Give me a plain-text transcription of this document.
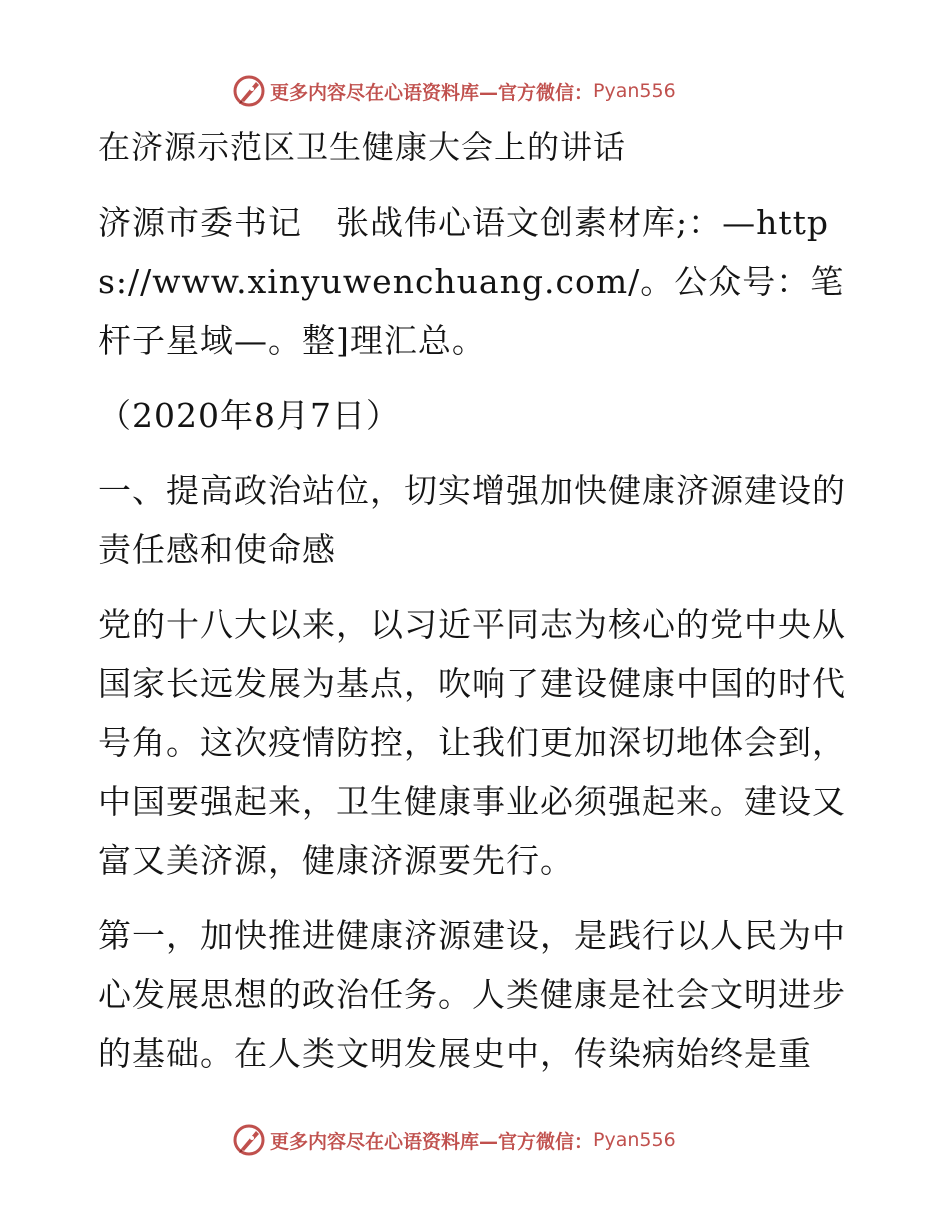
更多内容尽在心语资料库—官方微信： Pyan556

在济源示范区卫生健康大会上的讲话

济源市委书记　张战伟心语文创素材库;：—https://www.xinyuwenchuang.com/。公众号：笔杆子星域—。整]理汇总。

（2020年8月7日）

一、提高政治站位，切实增强加快健康济源建设的责任感和使命感

党的十八大以来，以习近平同志为核心的党中央从国家长远发展为基点，吹响了建设健康中国的时代号角。这次疫情防控，让我们更加深切地体会到，中国要强起来，卫生健康事业必须强起来。建设又富又美济源，健康济源要先行。

第一，加快推进健康济源建设，是践行以人民为中心发展思想的政治任务。人类健康是社会文明进步的基础。在人类文明发展史中，传染病始终是重

更多内容尽在心语资料库—官方微信： Pyan556
